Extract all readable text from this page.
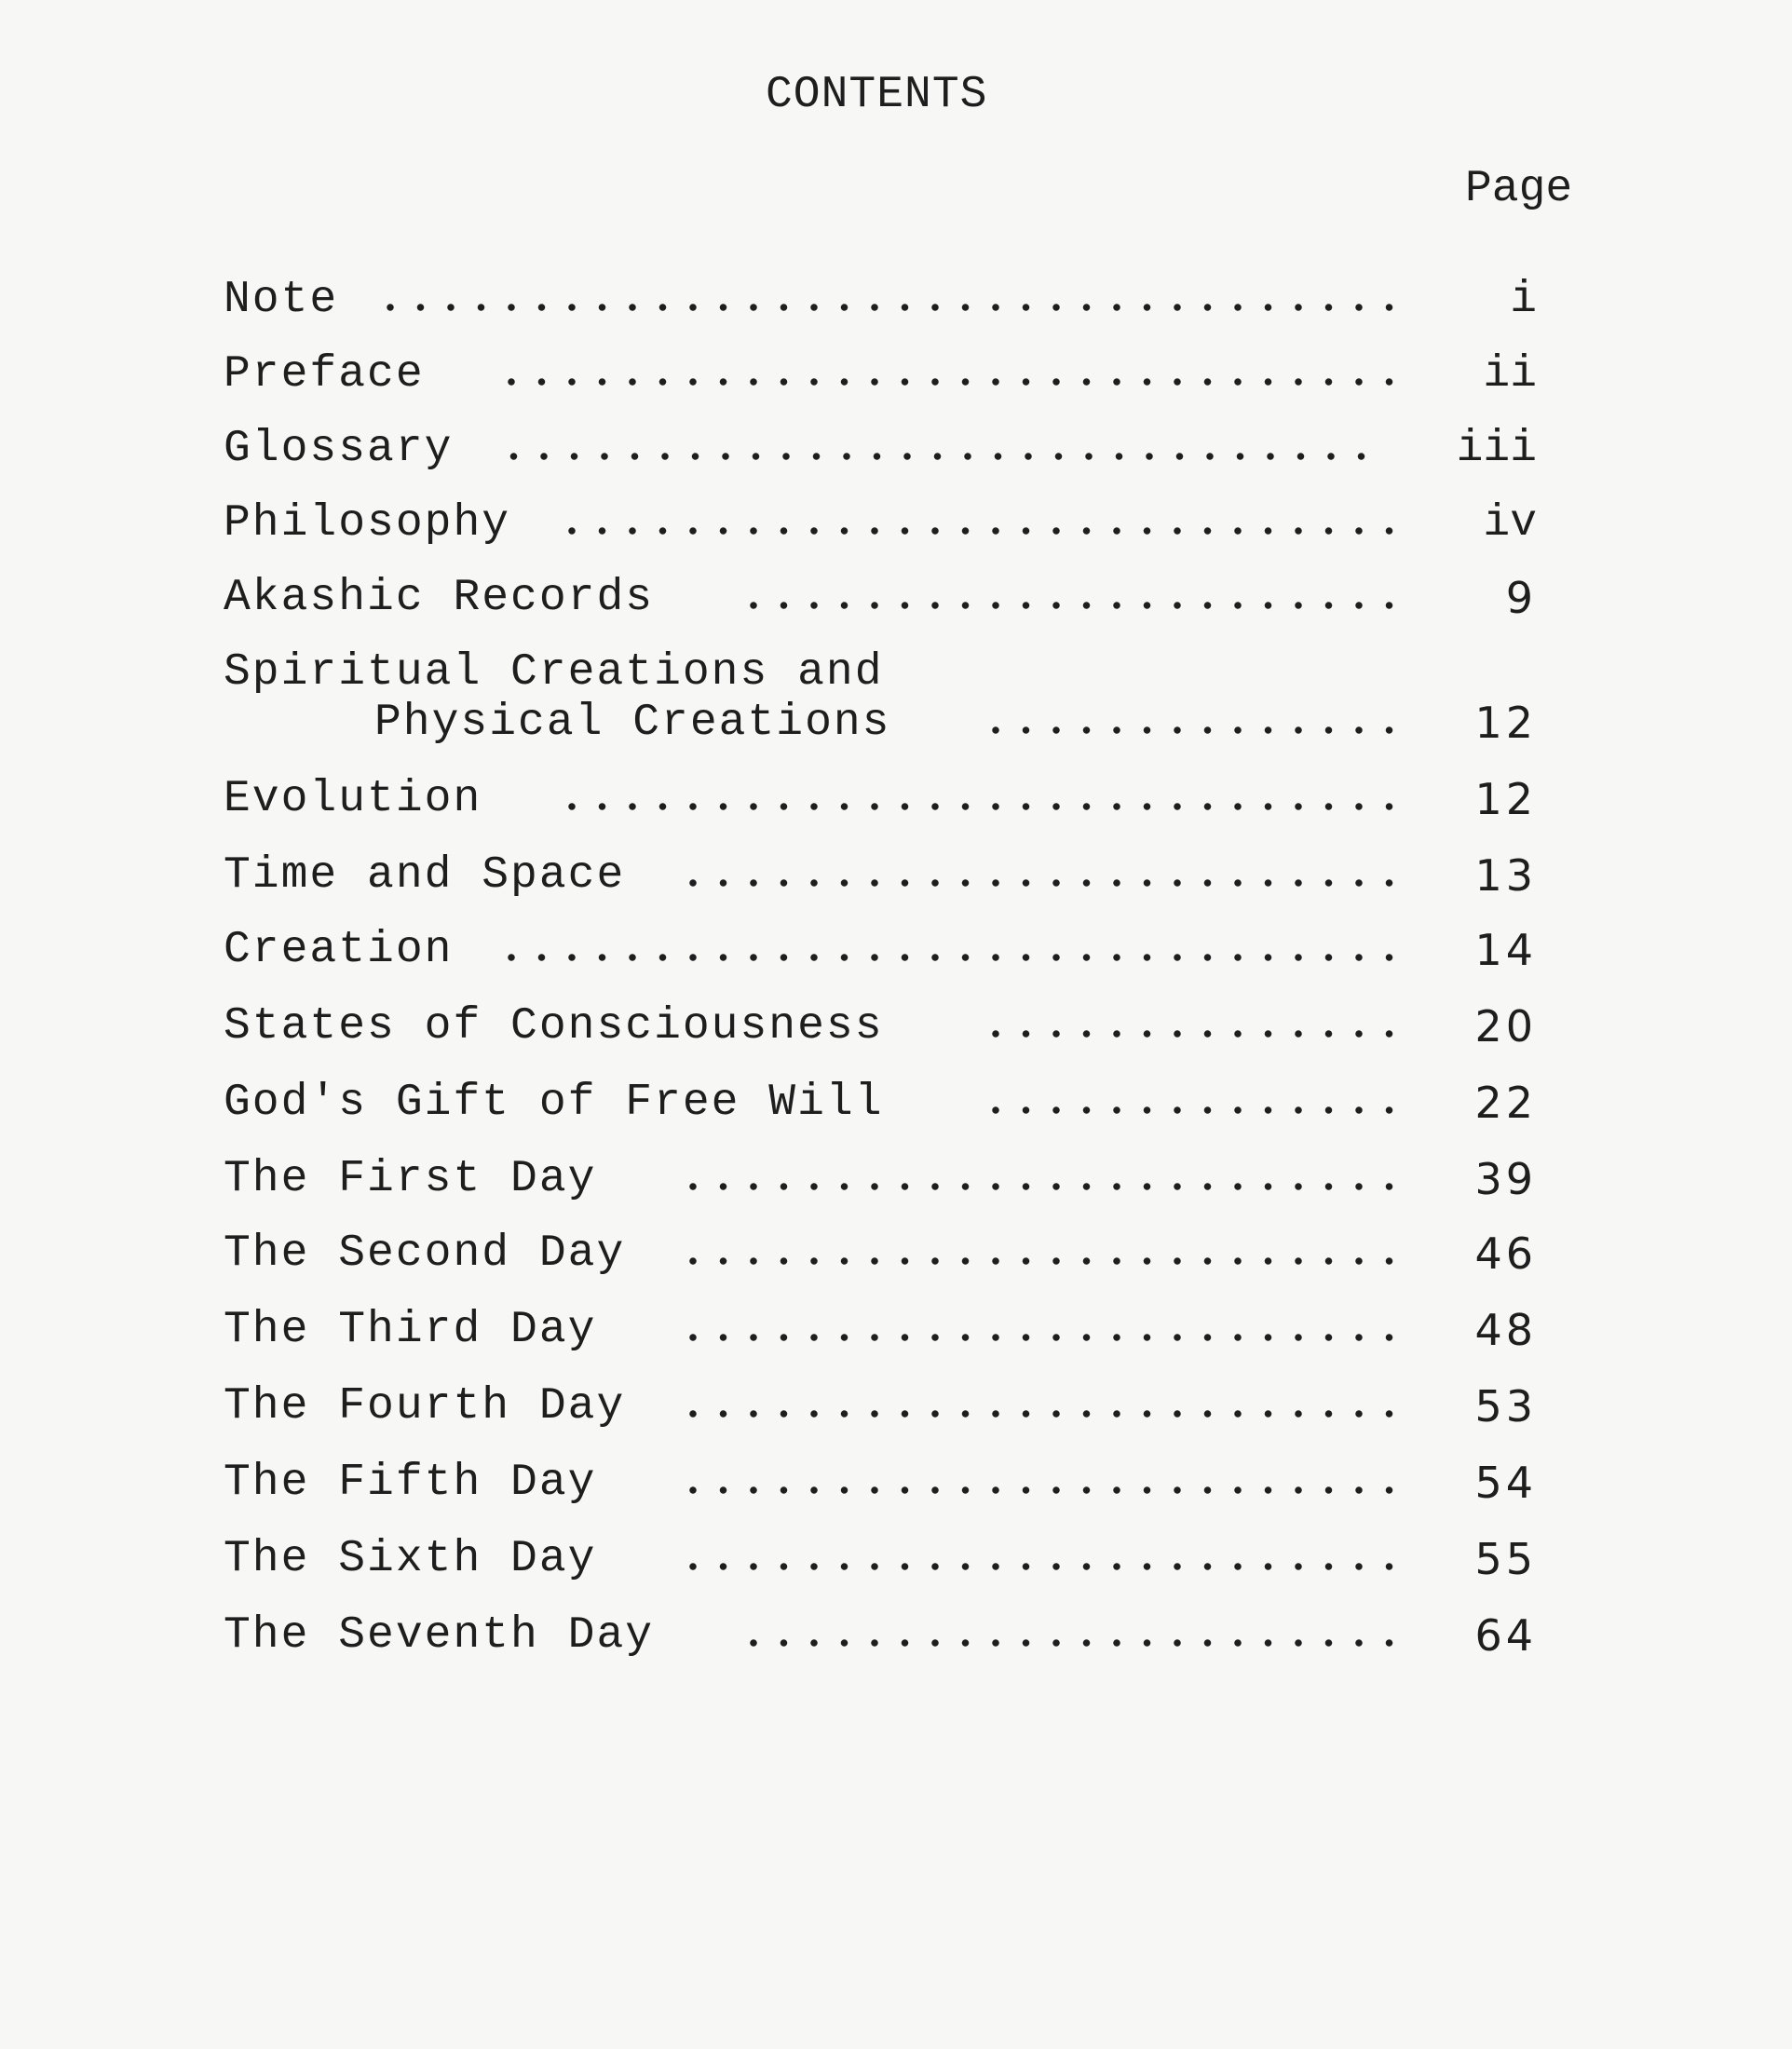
CONTENTS
Page
Note	i
Preface	ii
Glossary	iii
Philosophy	iv
Akashic Records	9
Spiritual Creations and
Physical Creations	12
Evolution	12
Time and Space	13
Creation	14
States of Consciousness	20
God's Gift of Free Will	22
The First Day	39
The Second Day	46
The Third Day	48
The Fourth Day	53
The Fifth Day	54
The Sixth Day	55
The Seventh Day	64
